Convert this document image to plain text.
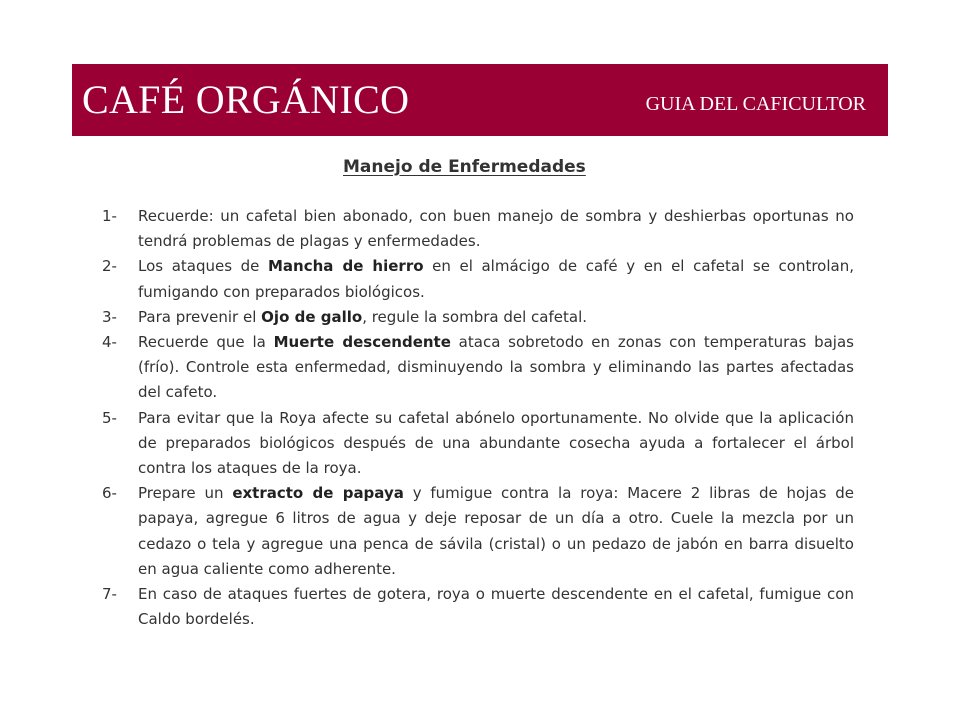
CAFÉ ORGÁNICO	GUIA DEL CAFICULTOR
Manejo de Enfermedades
1- Recuerde: un cafetal bien abonado, con buen manejo de sombra y deshierbas oportunas no tendrá problemas de plagas y enfermedades.
2- Los ataques de Mancha de hierro en el almácigo de café y en el cafetal se controlan, fumigando con preparados biológicos.
3- Para prevenir el Ojo de gallo, regule la sombra del cafetal.
4- Recuerde que la Muerte descendente ataca sobretodo en zonas con temperaturas bajas (frío). Controle esta enfermedad, disminuyendo la sombra y eliminando las partes afectadas del cafeto.
5- Para evitar que la Roya afecte su cafetal abónelo oportunamente. No olvide que la aplicación de preparados biológicos después de una abundante cosecha ayuda a fortalecer el árbol contra los ataques de la roya.
6- Prepare un extracto de papaya y fumigue contra la roya: Macere 2 libras de hojas de papaya, agregue 6 litros de agua y deje reposar de un día a otro. Cuele la mezcla por un cedazo o tela y agregue una penca de sávila (cristal) o un pedazo de jabón en barra disuelto en agua caliente como adherente.
7- En caso de ataques fuertes de gotera, roya o muerte descendente en el cafetal, fumigue con Caldo bordelés.
